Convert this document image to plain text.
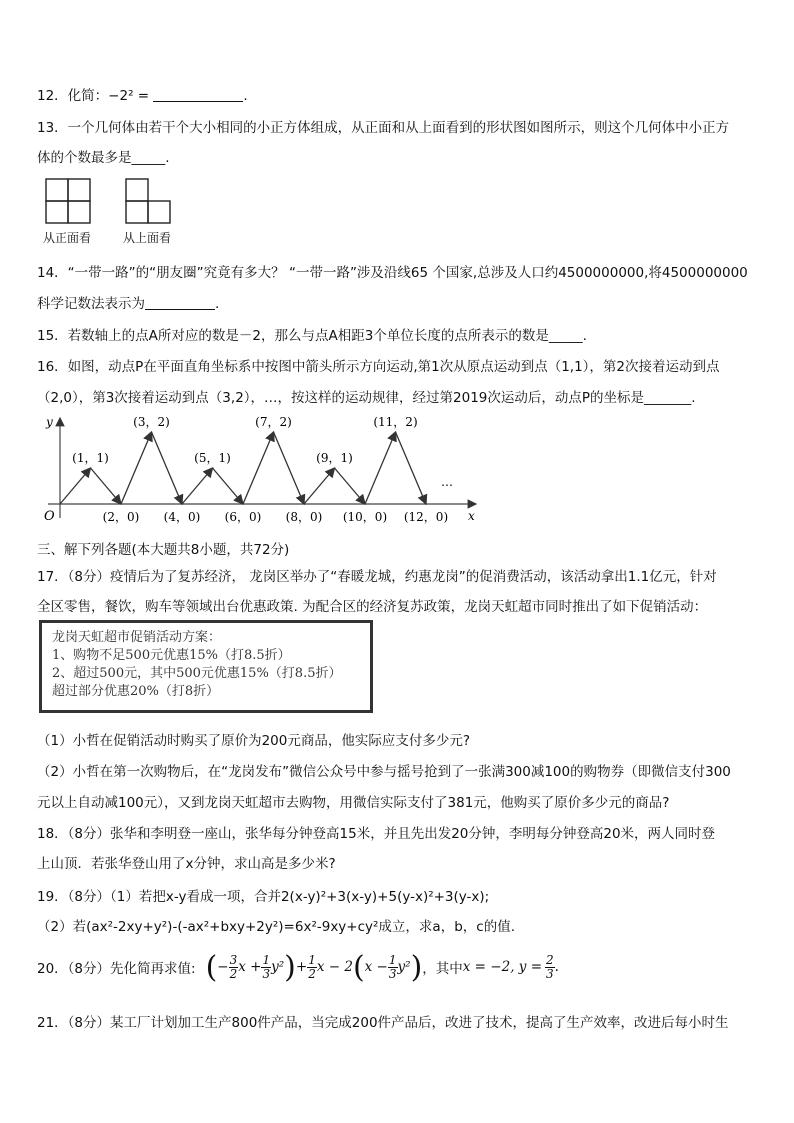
12．化简：−2² =	.
13．一个几何体由若干个大小相同的小正方体组成，从正面和从上面看到的形状图如图所示，则这个几何体中小正方
体的个数最多是_____.
从正面看	从上面看
14．“一带一路”的“朋友圈”究竟有多大？ “一带一路”涉及沿线65 个国家,总涉及人口约4500000000,将4500000000
科学记数法表示为	.
15．若数轴上的点A所对应的数是－2，那么与点A相距3个单位长度的点所表示的数是_____.
16．如图，动点P在平面直角坐标系中按图中箭头所示方向运动,第1次从原点运动到点（1,1），第2次接着运动到点
（2,0），第3次接着运动到点（3,2），…，按这样的运动规律，经过第2019次运动后，动点P的坐标是_______.
x
y
O
(1，1)
(2，0)
(3，2)
(4，0)
(5，1)
(6，0)
(7，2)
(8，0)
(9，1)
(10，0)
(11，2)
(12，0)
…
三、解下列各题(本大题共8小题，共72分)
17．（8分）疫情后为了复苏经济， 龙岗区举办了“春暖龙城，约惠龙岗”的促消费活动，该活动拿出1.1亿元，针对
全区零售，餐饮，购车等领域出台优惠政策. 为配合区的经济复苏政策，龙岗天虹超市同时推出了如下促销活动：
龙岗天虹超市促销活动方案：
1、购物不足500元优惠15%（打8.5折）
2、超过500元，其中500元优惠15%（打8.5折）
超过部分优惠20%（打8折）
（1）小哲在促销活动时购买了原价为200元商品，他实际应支付多少元?
（2）小哲在第一次购物后，在“龙岗发布”微信公众号中参与摇号抢到了一张满300减100的购物券（即微信支付300
元以上自动减100元），又到龙岗天虹超市去购物，用微信实际支付了381元，他购买了原价多少元的商品?
18．（8分）张华和李明登一座山，张华每分钟登高15米，并且先出发20分钟，李明每分钟登高20米，两人同时登
上山顶．若张华登山用了x分钟，求山高是多少米?
19．（8分）（1）若把x-y看成一项，合并2(x-y)²+3(x-y)+5(y-x)²+3(y-x);
（2）若(ax²-2xy+y²)-(-ax²+bxy+2y²)=6x²-9xy+cy²成立，求a，b，c的值.
20．（8分）先化简再求值: ( − $\frac{3}{2}$ $x + \frac{1}{3} y^2$ ) + $\frac{1}{2}$ x − 2 ( $x - \frac{1}{3} y^2$ ) ，其中 x = −2, $y = \frac{2}{3}$ .
21．（8分）某工厂计划加工生产800件产品，当完成200件产品后，改进了技术，提高了生产效率，改进后每小时生
